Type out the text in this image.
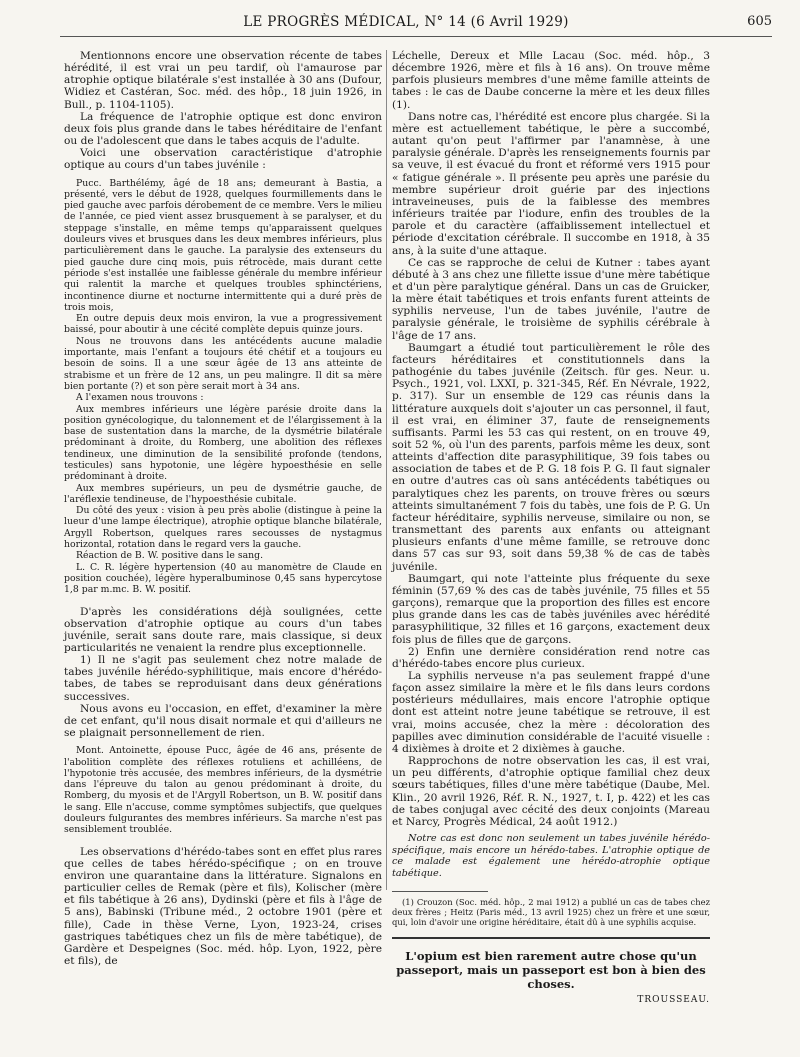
LE PROGRÈS MÉDICAL, N° 14 (6 Avril 1929)	605

Mentionnons encore une observation récente de tabes hérédité, il est vrai un peu tardif, où l'amaurose par atrophie optique bilatérale s'est installée à 30 ans (Dufour, Widiez et Castéran, Soc. méd. des hôp., 18 juin 1926, in Bull., p. 1104-1105).

La fréquence de l'atrophie optique est donc environ deux fois plus grande dans le tabes héréditaire de l'enfant ou de l'adolescent que dans le tabes acquis de l'adulte.

Voici une observation caractéristique d'atrophie optique au cours d'un tabes juvénile :

Pucc. Barthélémy, âgé de 18 ans; demeurant à Bastia, a présenté, vers le début de 1928, quelques fourmillements dans le pied gauche avec parfois dérobement de ce membre. Vers le milieu de l'année, ce pied vient assez brusquement à se paralyser, et du steppage s'installe, en même temps qu'apparaissent quelques douleurs vives et brusques dans les deux membres inférieurs, plus particulièrement dans le gauche. La paralysie des extenseurs du pied gauche dure cinq mois, puis rétrocède, mais durant cette période s'est installée une faiblesse générale du membre inférieur qui ralentit la marche et quelques troubles sphinctériens, incontinence diurne et nocturne intermittente qui a duré près de trois mois,

En outre depuis deux mois environ, la vue a progressivement baissé, pour aboutir à une cécité complète depuis quinze jours.

Nous ne trouvons dans les antécédents aucune maladie importante, mais l'enfant a toujours été chétif et a toujours eu besoin de soins. Il a une sœur âgée de 13 ans atteinte de strabisme et un frère de 12 ans, un peu malingre. Il dit sa mère bien portante (?) et son père serait mort à 34 ans.

A l'examen nous trouvons :

Aux membres inférieurs une légère parésie droite dans la position gynécologique, du talonnement et de l'élargissement à la base de sustentation dans la marche, de la dysmétrie bilatérale prédominant à droite, du Romberg, une abolition des réflexes tendineux, une diminution de la sensibilité profonde (tendons, testicules) sans hypotonie, une légère hypoesthésie en selle prédominant à droite.

Aux membres supérieurs, un peu de dysmétrie gauche, de l'aréflexie tendineuse, de l'hypoesthésie cubitale.

Du côté des yeux : vision à peu près abolie (distingue à peine la lueur d'une lampe électrique), atrophie optique blanche bilatérale, Argyll Robertson, quelques rares secousses de nystagmus horizontal, rotation dans le regard vers la gauche.

Réaction de B. W. positive dans le sang.

L. C. R. légère hypertension (40 au manomètre de Claude en position couchée), légère hyperalbuminose 0,45 sans hypercytose 1,8 par m.mc. B. W. positif.

D'après les considérations déjà soulignées, cette observation d'atrophie optique au cours d'un tabes juvénile, serait sans doute rare, mais classique, si deux particularités ne venaient la rendre plus exceptionnelle.

1) Il ne s'agit pas seulement chez notre malade de tabes juvénile hérédo-syphilitique, mais encore d'hérédo-tabes, de tabes se reproduisant dans deux générations successives.

Nous avons eu l'occasion, en effet, d'examiner la mère de cet enfant, qu'il nous disait normale et qui d'ailleurs ne se plaignait personnellement de rien.

Mont. Antoinette, épouse Pucc, âgée de 46 ans, présente de l'abolition complète des réflexes rotuliens et achilléens, de l'hypotonie très accusée, des membres inférieurs, de la dysmétrie dans l'épreuve du talon au genou prédominant à droite, du Romberg, du myosis et de l'Argyll Robertson, un B. W. positif dans le sang. Elle n'accuse, comme symptômes subjectifs, que quelques douleurs fulgurantes des membres inférieurs. Sa marche n'est pas sensiblement troublée.

Les observations d'hérédo-tabes sont en effet plus rares que celles de tabes hérédo-spécifique ; on en trouve environ une quarantaine dans la littérature. Signalons en particulier celles de Remak (père et fils), Kolischer (mère et fils tabétique à 26 ans), Dydinski (père et fils à l'âge de 5 ans), Babinski (Tribune méd., 2 octobre 1901 (père et fille), Cade in thèse Verne, Lyon, 1923-24, crises gastriques tabétiques chez un fils de mère tabétique), de Gardère et Despeignes (Soc. méd. hôp. Lyon, 1922, père et fils), de

Léchelle, Dereux et Mlle Lacau (Soc. méd. hôp., 3 décembre 1926, mère et fils à 16 ans). On trouve même parfois plusieurs membres d'une même famille atteints de tabes : le cas de Daube concerne la mère et les deux filles (1).

Dans notre cas, l'hérédité est encore plus chargée. Si la mère est actuellement tabétique, le père a succombé, autant qu'on peut l'affirmer par l'anamnèse, à une paralysie générale. D'après les renseignements fournis par sa veuve, il est évacué du front et réformé vers 1915 pour « fatigue générale ». Il présente peu après une parésie du membre supérieur droit guérie par des injections intraveineuses, puis de la faiblesse des membres inférieurs traitée par l'iodure, enfin des troubles de la parole et du caractère (affaiblissement intellectuel et période d'excitation cérébrale. Il succombe en 1918, à 35 ans, à la suite d'une attaque.

Ce cas se rapproche de celui de Kutner : tabes ayant débuté à 3 ans chez une fillette issue d'une mère tabétique et d'un père paralytique général. Dans un cas de Gruicker, la mère était tabétiques et trois enfants furent atteints de syphilis nerveuse, l'un de tabes juvénile, l'autre de paralysie générale, le troisième de syphilis cérébrale à l'âge de 17 ans.

Baumgart a étudié tout particulièrement le rôle des facteurs héréditaires et constitutionnels dans la pathogénie du tabes juvénile (Zeitsch. für ges. Neur. u. Psych., 1921, vol. LXXI, p. 321-345, Réf. En Névrale, 1922, p. 317). Sur un ensemble de 129 cas réunis dans la littérature auxquels doit s'ajouter un cas personnel, il faut, il est vrai, en éliminer 37, faute de renseignements suffisants. Parmi les 53 cas qui restent, on en trouve 49, soit 52 %, où l'un des parents, parfois même les deux, sont atteints d'affection dite parasyphilitique, 39 fois tabes ou association de tabes et de P. G. 18 fois P. G. Il faut signaler en outre d'autres cas où sans antécédents tabétiques ou paralytiques chez les parents, on trouve frères ou sœurs atteints simultanément 7 fois du tabès, une fois de P. G. Un facteur héréditaire, syphilis nerveuse, similaire ou non, se transmettant des parents aux enfants ou atteignant plusieurs enfants d'une même famille, se retrouve donc dans 57 cas sur 93, soit dans 59,38 % de cas de tabès juvénile.

Baumgart, qui note l'atteinte plus fréquente du sexe féminin (57,69 % des cas de tabès juvénile, 75 filles et 55 garçons), remarque que la proportion des filles est encore plus grande dans les cas de tabès juvéniles avec hérédité parasyphilitique, 32 filles et 16 garçons, exactement deux fois plus de filles que de garçons.

2) Enfin une dernière considération rend notre cas d'hérédo-tabes encore plus curieux.

La syphilis nerveuse n'a pas seulement frappé d'une façon assez similaire la mère et le fils dans leurs cordons postérieurs médullaires, mais encore l'atrophie optique dont est atteint notre jeune tabétique se retrouve, il est vrai, moins accusée, chez la mère : décoloration des papilles avec diminution considérable de l'acuité visuelle : 4 dixièmes à droite et 2 dixièmes à gauche.

Rapprochons de notre observation les cas, il est vrai, un peu différents, d'atrophie optique familial chez deux sœurs tabétiques, filles d'une mère tabétique (Daube, Mel. Klin., 20 avril 1926, Réf. R. N., 1927, t. I, p. 422) et les cas de tabes conjugal avec cécité des deux conjoints (Mareau et Narcy, Progrès Médical, 24 août 1912.)

Notre cas est donc non seulement un tabes juvénile hérédo-spécifique, mais encore un hérédo-tabes. L'atrophie optique de ce malade est également une hérédo-atrophie optique tabétique.

(1) Crouzon (Soc. méd. hôp., 2 mai 1912) a publié un cas de tabes chez deux frères ; Heitz (Paris méd., 13 avril 1925) chez un frère et une sœur, qui, loin d'avoir une origine héréditaire, était dû à une syphilis acquise.

L'opium est bien rarement autre chose qu'un passeport, mais un passeport est bon à bien des choses.
TROUSSEAU.
